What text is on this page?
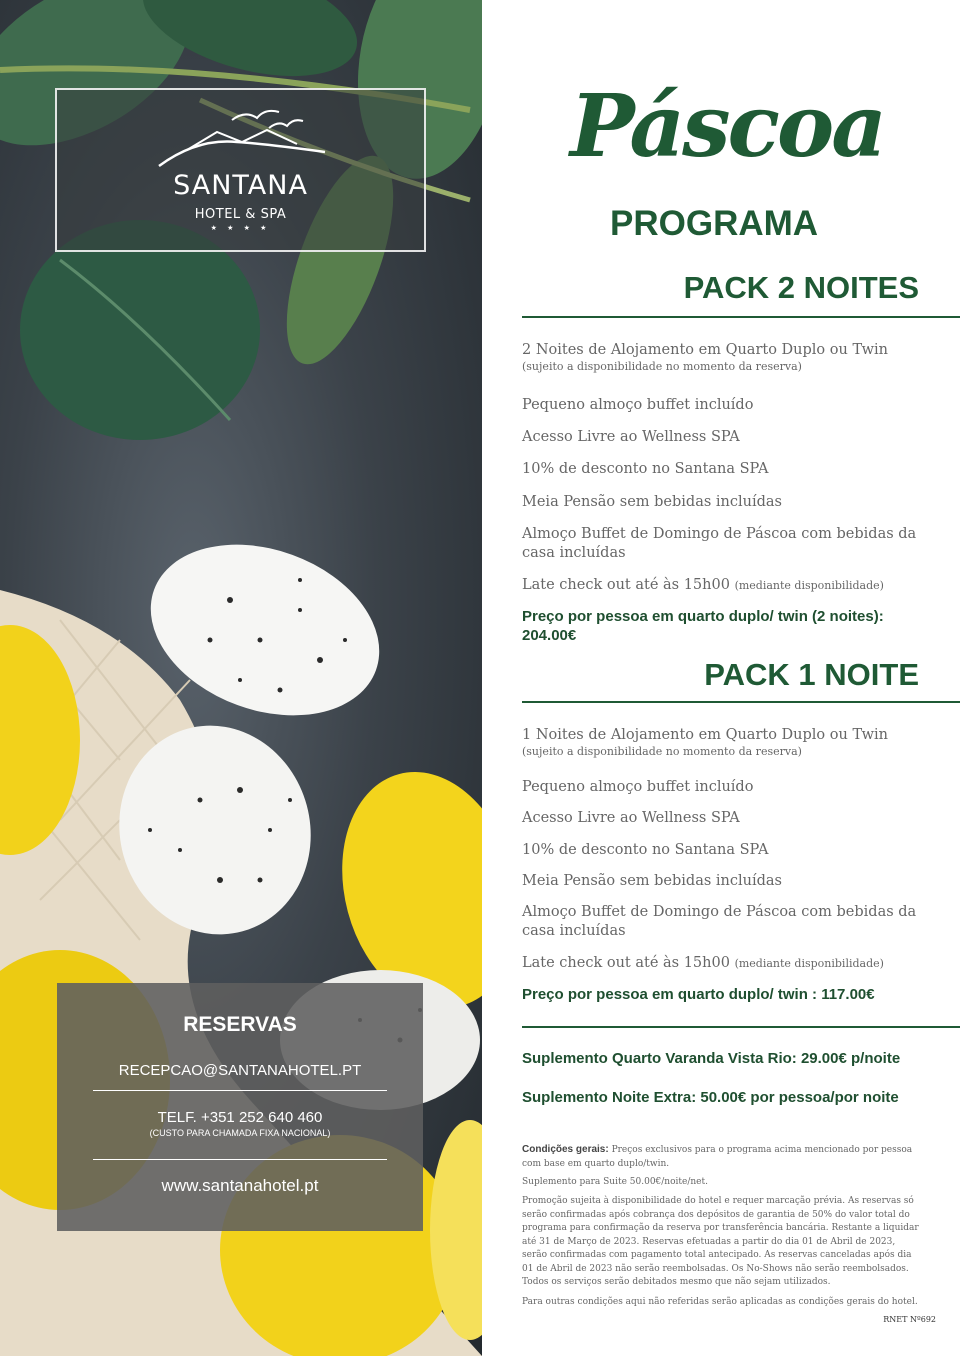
SANTANA
HOTEL & SPA
★ ★ ★ ★
RESERVAS
RECEPCAO@SANTANAHOTEL.PT
TELF. +351 252 640 460
(CUSTO PARA CHAMADA FIXA NACIONAL)
www.santanahotel.pt
Páscoa
PROGRAMA
PACK 2 NOITES
2 Noites de Alojamento em Quarto Duplo ou Twin
(sujeito a disponibilidade no momento da reserva)
Pequeno almoço buffet incluído
Acesso Livre ao Wellness SPA
10% de desconto no Santana SPA
Meia Pensão sem bebidas incluídas
Almoço Buffet de Domingo de Páscoa com bebidas da casa incluídas
Late check out até às 15h00 (mediante disponibilidade)
Preço por pessoa em quarto duplo/ twin (2 noites): 204.00€
PACK 1 NOITE
1 Noites de Alojamento em Quarto Duplo ou Twin
(sujeito a disponibilidade no momento da reserva)
Pequeno almoço buffet incluído
Acesso Livre ao Wellness SPA
10% de desconto no Santana SPA
Meia Pensão sem bebidas incluídas
Almoço Buffet de Domingo de Páscoa com bebidas da casa incluídas
Late check out até às 15h00 (mediante disponibilidade)
Preço por pessoa em quarto duplo/ twin : 117.00€
Suplemento Quarto Varanda Vista Rio: 29.00€ p/noite
Suplemento Noite Extra: 50.00€ por pessoa/por noite
Condições gerais: Preços exclusivos para o programa acima mencionado por pessoa com base em quarto duplo/twin.
Suplemento para Suite 50.00€/noite/net.
Promoção sujeita à disponibilidade do hotel e requer marcação prévia. As reservas só serão confirmadas após cobrança dos depósitos de garantia de 50% do valor total do programa para confirmação da reserva por transferência bancária. Restante a liquidar até 31 de Março de 2023. Reservas efetuadas a partir do dia 01 de Abril de 2023, serão confirmadas com pagamento total antecipado. As reservas canceladas após dia 01 de Abril de 2023 não serão reembolsadas. Os No-Shows não serão reembolsados. Todos os serviços serão debitados mesmo que não sejam utilizados.
Para outras condições aqui não referidas serão aplicadas as condições gerais do hotel.
RNET Nº692
